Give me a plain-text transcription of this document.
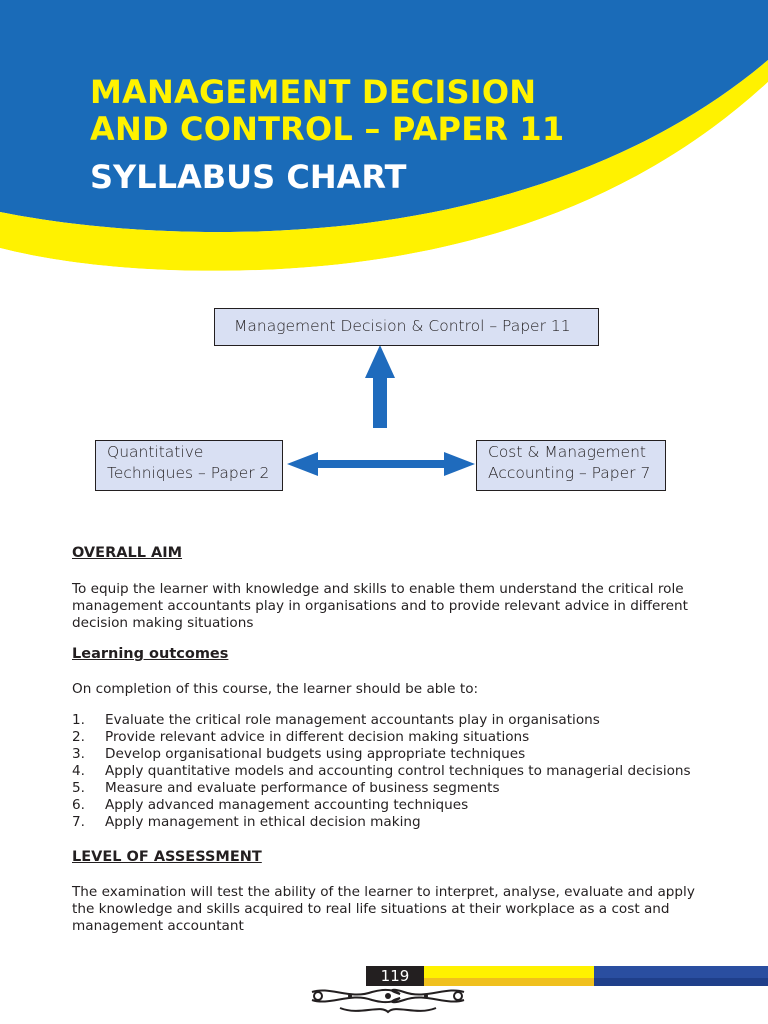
MANAGEMENT DECISION
AND CONTROL – PAPER 11
SYLLABUS CHART
Management Decision & Control – Paper 11
Quantitative
Techniques – Paper 2
Cost & Management
Accounting – Paper 7
OVERALL AIM
To equip the learner with knowledge and skills to enable them understand the critical role management accountants play in organisations and to provide relevant advice in different decision making situations
Learning outcomes
On completion of this course, the learner should be able to:
1. Evaluate the critical role management accountants play in organisations
2. Provide relevant advice in different decision making situations
3. Develop organisational budgets using appropriate techniques
4. Apply quantitative models and accounting control techniques to managerial decisions
5. Measure and evaluate performance of business segments
6. Apply advanced management accounting techniques
7. Apply management in ethical decision making
LEVEL OF ASSESSMENT
The examination will test the ability of the learner to interpret, analyse, evaluate and apply the knowledge and skills acquired to real life situations at their workplace as a cost and management accountant
119
